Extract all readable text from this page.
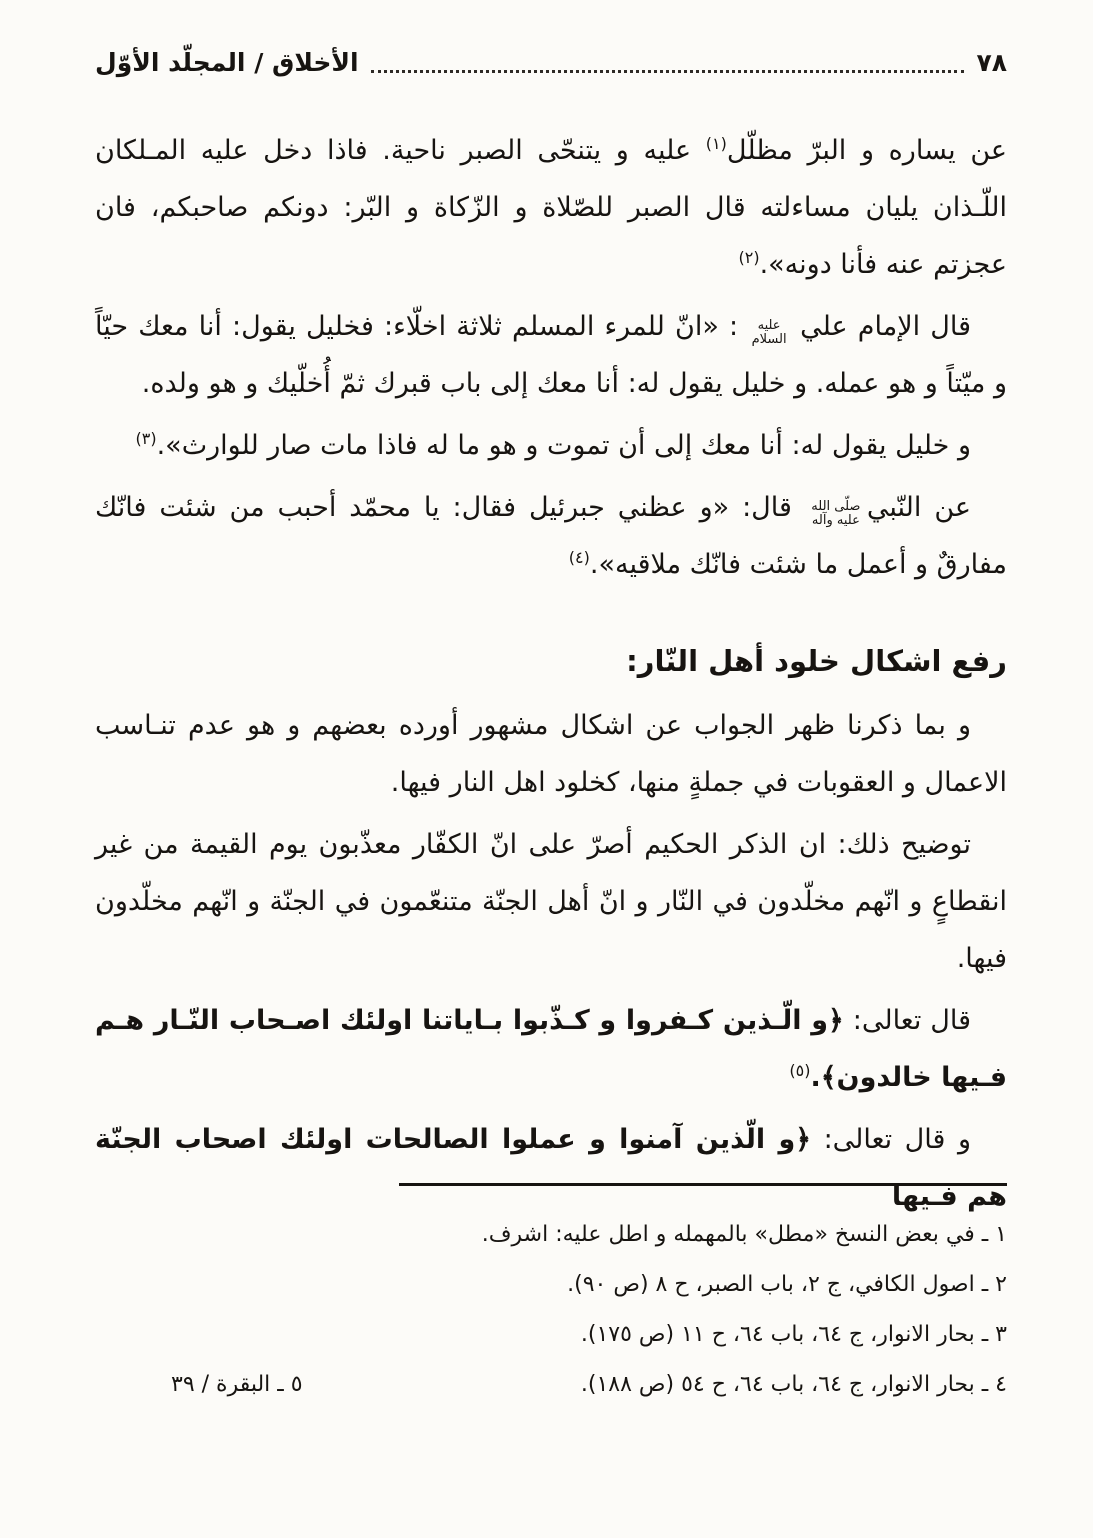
٧٨
الأخلاق / المجلّد الأوّل

عن يساره و البرّ مظلّل$^{(١)}$ عليه و يتنحّى الصبر ناحية. فاذا دخل عليه المـلكان اللّـذان يليان مساءلته قال الصبر للصّلاة و الزّكاة و البّر: دونكم صاحبكم، فان عجزتم عنه فأنا دونه».$^{(٢)}$

قال الإمام عليعليه السلام: «انّ للمرء المسلم ثلاثة اخلّاء: فخليل يقول: أنا معك حيّاً و ميّتاً و هو عمله. و خليل يقول له: أنا معك إلى باب قبرك ثمّ أُخلّيك و هو ولده.

و خليل يقول له: أنا معك إلى أن تموت و هو ما له فاذا مات صار للوارث».$^{(٣)}$

عن النّبيصلّى الله عليه وآله قال: «و عظني جبرئيل فقال: يا محمّد أحبب من شئت فانّك مفارقٌ و أعمل ما شئت فانّك ملاقيه».$^{(٤)}$

رفع اشكال خلود أهل النّار:

و بما ذكرنا ظهر الجواب عن اشكال مشهور أورده بعضهم و هو عدم تنـاسب الاعمال و العقوبات في جملةٍ منها، كخلود اهل النار فيها.

توضيح ذلك: ان الذكر الحكيم أصرّ على انّ الكفّار معذّبون يوم القيمة من غير انقطاعٍ و انّهم مخلّدون في النّار و انّ أهل الجنّة متنعّمون في الجنّة و انّهم مخلّدون فيها.

قال تعالى: ﴿و الّـذين كـفروا و كـذّبوا بـاياتنا اولئك اصـحاب النّـار هـم فـيها خالدون﴾.$^{(٥)}$

و قال تعالى: ﴿و الّذين آمنوا و عملوا الصالحات اولئك اصحاب الجنّة هم فـيها

١ ـ في بعض النسخ «مطل» بالمهمله و اطل عليه: اشرف.
٢ ـ اصول الكافي، ج ٢، باب الصبر، ح ٨ (ص ٩٠).
٣ ـ بحار الانوار، ج ٦٤، باب ٦٤، ح ١١ (ص ١٧٥).
٤ ـ بحار الانوار، ج ٦٤، باب ٦٤، ح ٥٤ (ص ١٨٨).
٥ ـ البقرة / ٣٩
